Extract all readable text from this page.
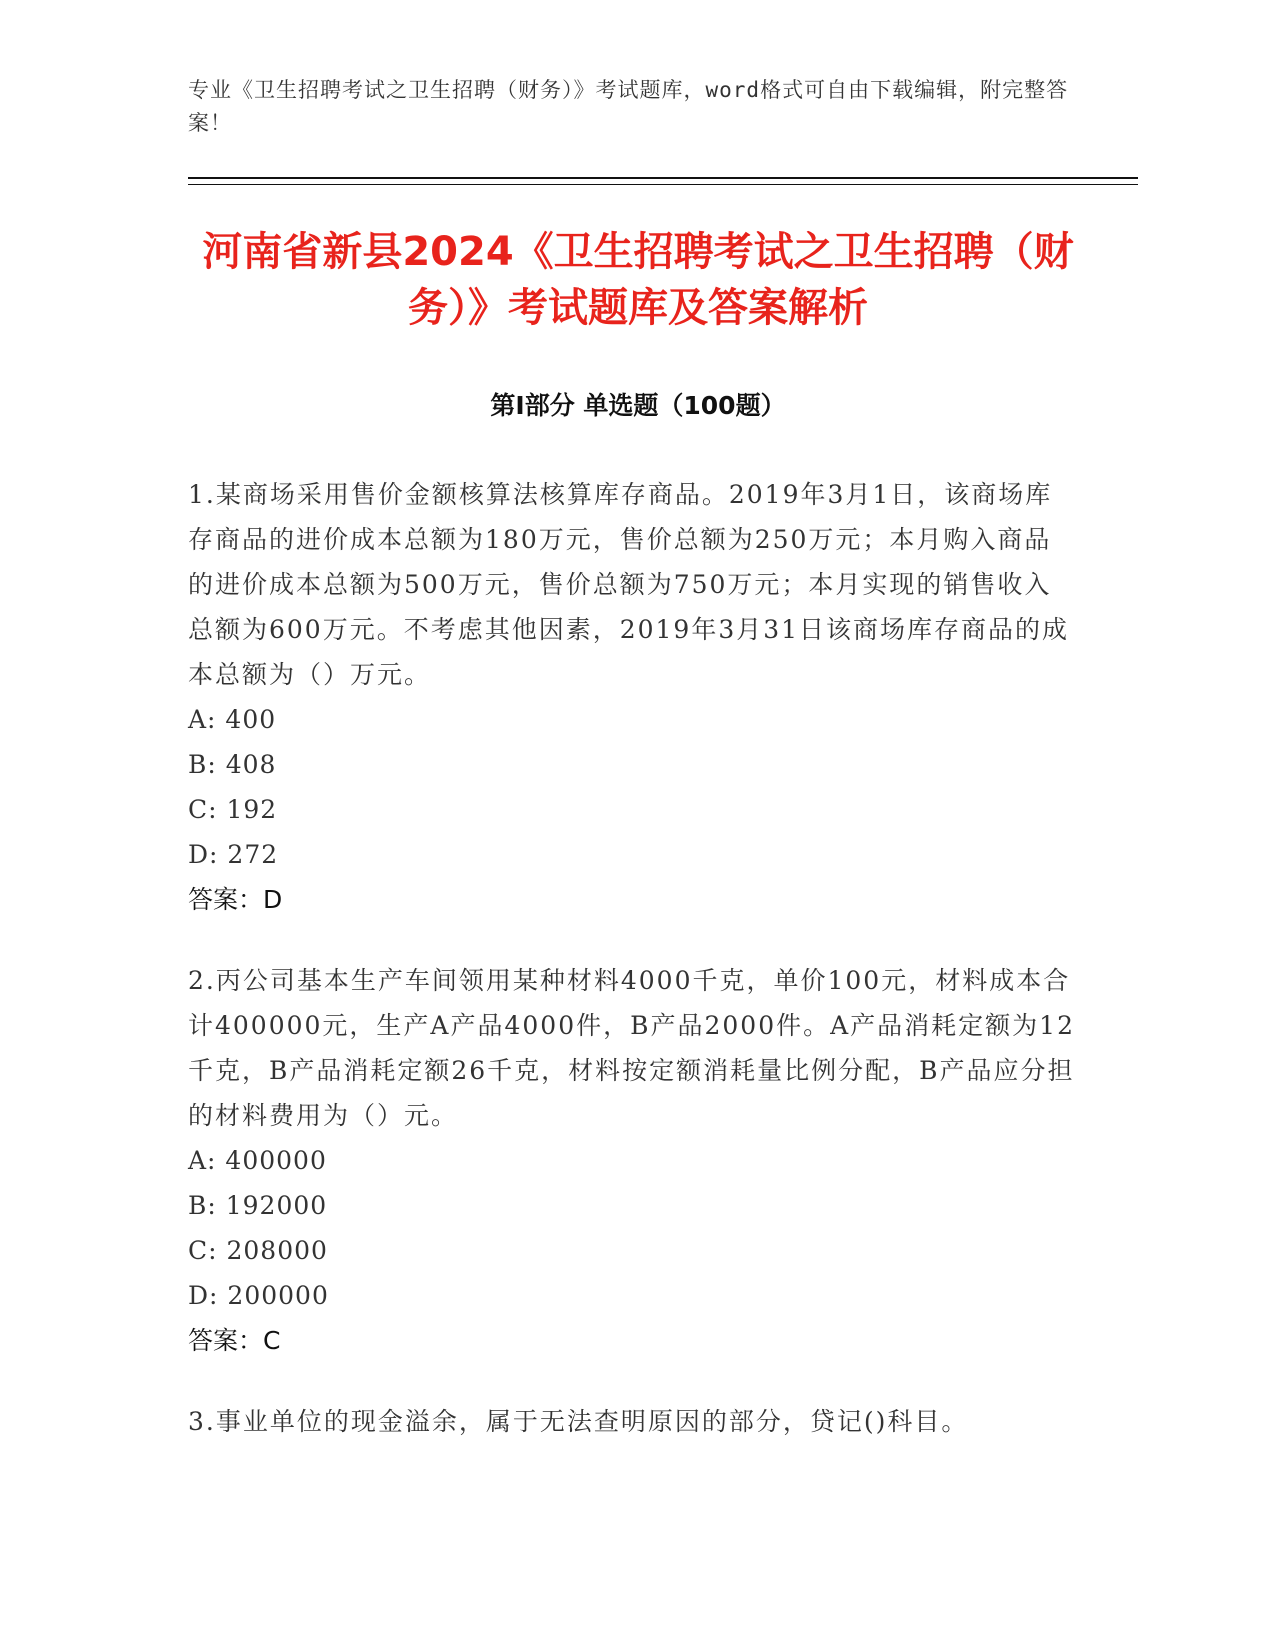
专业《卫生招聘考试之卫生招聘（财务）》考试题库，word格式可自由下载编辑，附完整答案！
河南省新县2024《卫生招聘考试之卫生招聘（财务）》考试题库及答案解析
第Ⅰ部分 单选题（100题）
1.某商场采用售价金额核算法核算库存商品。2019年3月1日，该商场库存商品的进价成本总额为180万元，售价总额为250万元；本月购入商品的进价成本总额为500万元，售价总额为750万元；本月实现的销售收入总额为600万元。不考虑其他因素，2019年3月31日该商场库存商品的成本总额为（）万元。
A: 400
B: 408
C: 192
D: 272
答案：D
2.丙公司基本生产车间领用某种材料4000千克，单价100元，材料成本合计400000元，生产A产品4000件，B产品2000件。A产品消耗定额为12千克，B产品消耗定额26千克，材料按定额消耗量比例分配，B产品应分担的材料费用为（）元。
A: 400000
B: 192000
C: 208000
D: 200000
答案：C
3.事业单位的现金溢余，属于无法查明原因的部分，贷记()科目。
